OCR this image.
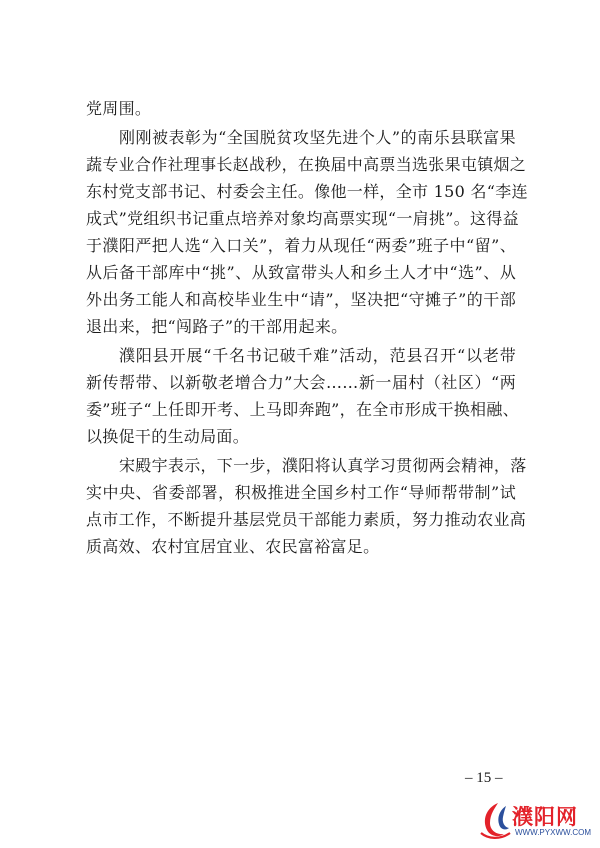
党周围。
刚刚被表彰为“全国脱贫攻坚先进个人”的南乐县联富果
蔬专业合作社理事长赵战秒，在换届中高票当选张果屯镇烟之
东村党支部书记、村委会主任。像他一样，全市 150 名“李连
成式”党组织书记重点培养对象均高票实现“一肩挑”。这得益
于濮阳严把人选“入口关”，着力从现任“两委”班子中“留”、
从后备干部库中“挑”、从致富带头人和乡土人才中“选”、从
外出务工能人和高校毕业生中“请”，坚决把“守摊子”的干部
退出来，把“闯路子”的干部用起来。
濮阳县开展“千名书记破千难”活动，范县召开“以老带
新传帮带、以新敬老增合力”大会……新一届村（社区）“两
委”班子“上任即开考、上马即奔跑”，在全市形成干换相融、
以换促干的生动局面。
宋殿宇表示，下一步，濮阳将认真学习贯彻两会精神，落
实中央、省委部署，积极推进全国乡村工作“导师帮带制”试
点市工作，不断提升基层党员干部能力素质，努力推动农业高
质高效、农村宜居宜业、农民富裕富足。
– 15 –
濮阳网
WWW.PYXWW.COM
